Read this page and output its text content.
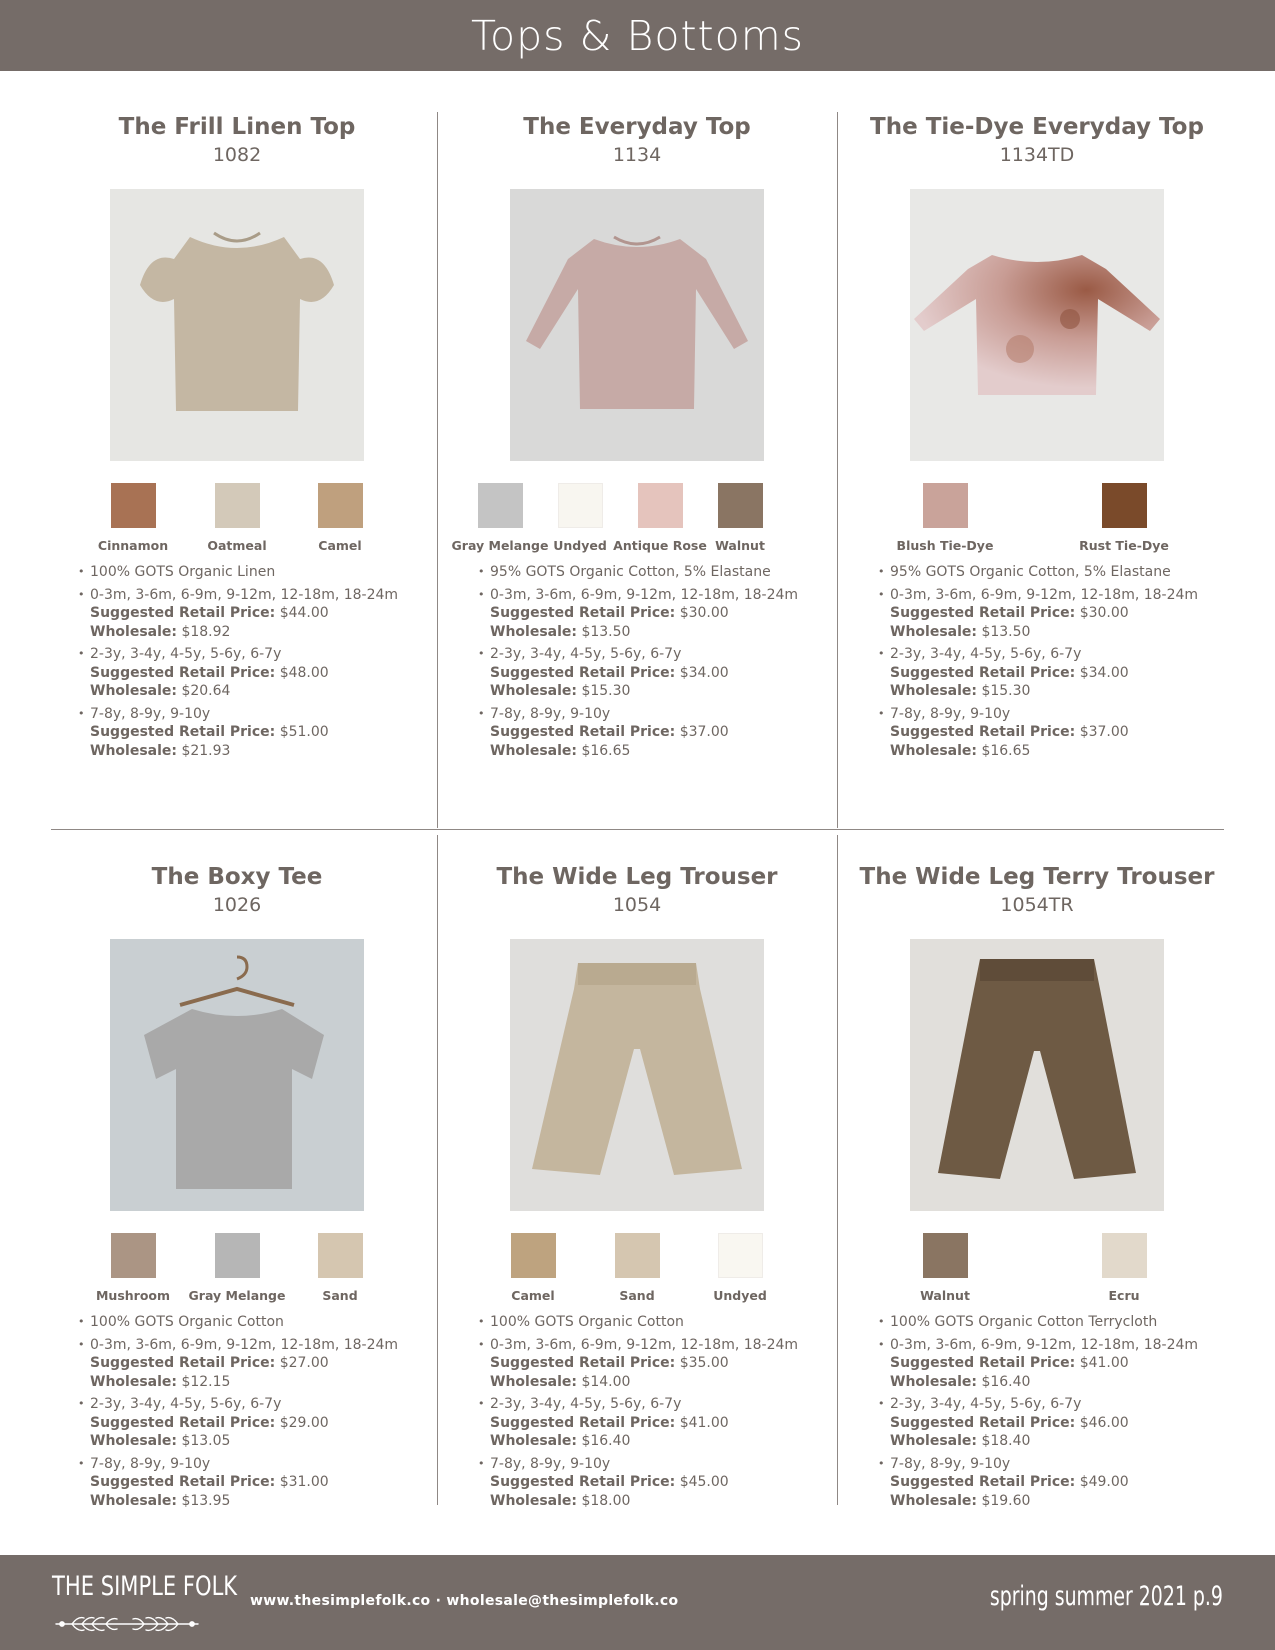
Tops & Bottoms
The Frill Linen Top
1082
Cinnamon	Oatmeal	Camel
• 100% GOTS Organic Linen
• 0-3m, 3-6m, 6-9m, 9-12m, 12-18m, 18-24m
Suggested Retail Price: $44.00
Wholesale: $18.92
• 2-3y, 3-4y, 4-5y, 5-6y, 6-7y
Suggested Retail Price: $48.00
Wholesale: $20.64
• 7-8y, 8-9y, 9-10y
Suggested Retail Price: $51.00
Wholesale: $21.93
The Everyday Top
1134
Gray Melange Undyed Antique Rose Walnut
• 95% GOTS Organic Cotton, 5% Elastane
• 0-3m, 3-6m, 6-9m, 9-12m, 12-18m, 18-24m
Suggested Retail Price: $30.00
Wholesale: $13.50
• 2-3y, 3-4y, 4-5y, 5-6y, 6-7y
Suggested Retail Price: $34.00
Wholesale: $15.30
• 7-8y, 8-9y, 9-10y
Suggested Retail Price: $37.00
Wholesale: $16.65
The Tie-Dye Everyday Top
1134TD
Blush Tie-Dye	Rust Tie-Dye
• 95% GOTS Organic Cotton, 5% Elastane
• 0-3m, 3-6m, 6-9m, 9-12m, 12-18m, 18-24m
Suggested Retail Price: $30.00
Wholesale: $13.50
• 2-3y, 3-4y, 4-5y, 5-6y, 6-7y
Suggested Retail Price: $34.00
Wholesale: $15.30
• 7-8y, 8-9y, 9-10y
Suggested Retail Price: $37.00
Wholesale: $16.65
The Boxy Tee
1026
Mushroom Gray Melange	Sand
• 100% GOTS Organic Cotton
• 0-3m, 3-6m, 6-9m, 9-12m, 12-18m, 18-24m
Suggested Retail Price: $27.00
Wholesale: $12.15
• 2-3y, 3-4y, 4-5y, 5-6y, 6-7y
Suggested Retail Price: $29.00
Wholesale: $13.05
• 7-8y, 8-9y, 9-10y
Suggested Retail Price: $31.00
Wholesale: $13.95
The Wide Leg Trouser
1054
Camel	Sand	Undyed
• 100% GOTS Organic Cotton
• 0-3m, 3-6m, 6-9m, 9-12m, 12-18m, 18-24m
Suggested Retail Price: $35.00
Wholesale: $14.00
• 2-3y, 3-4y, 4-5y, 5-6y, 6-7y
Suggested Retail Price: $41.00
Wholesale: $16.40
• 7-8y, 8-9y, 9-10y
Suggested Retail Price: $45.00
Wholesale: $18.00
The Wide Leg Terry Trouser
1054TR
Walnut	Ecru
• 100% GOTS Organic Cotton Terrycloth
• 0-3m, 3-6m, 6-9m, 9-12m, 12-18m, 18-24m
Suggested Retail Price: $41.00
Wholesale: $16.40
• 2-3y, 3-4y, 4-5y, 5-6y, 6-7y
Suggested Retail Price: $46.00
Wholesale: $18.40
• 7-8y, 8-9y, 9-10y
Suggested Retail Price: $49.00
Wholesale: $19.60
THE SIMPLE FOLK www.thesimplefolk.co · wholesale@thesimplefolk.co	spring summer 2021 p.9
